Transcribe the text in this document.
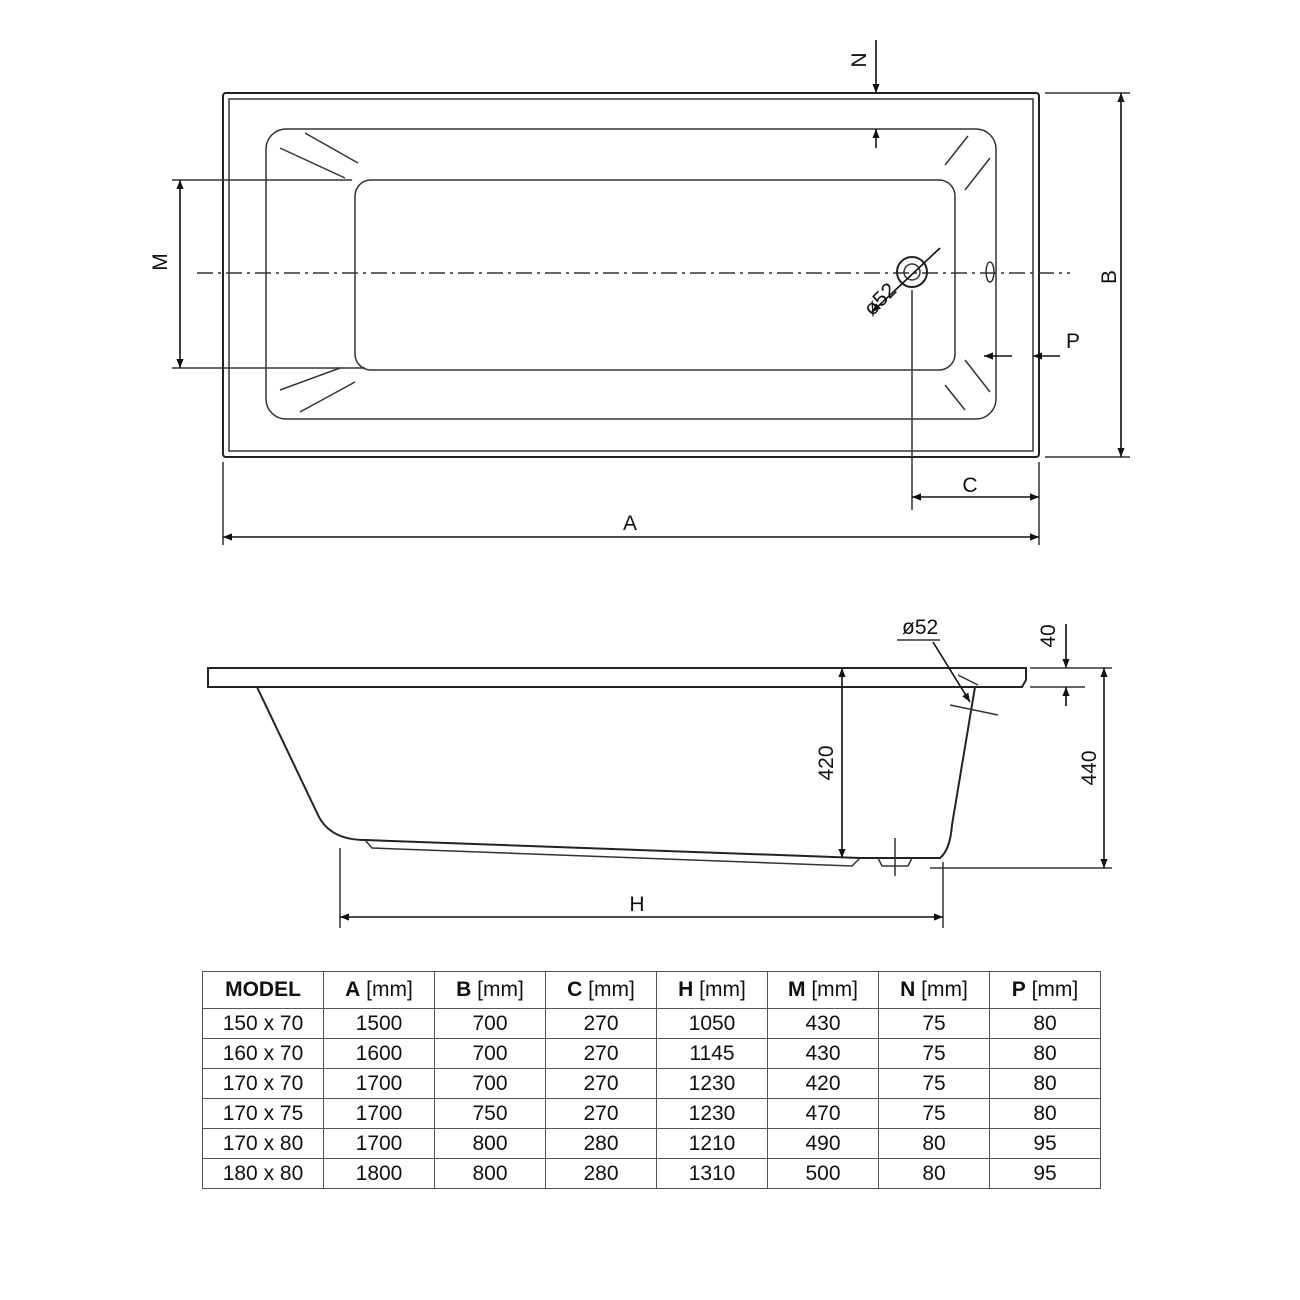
ø52
N
M
B
P
C
A
ø52
420
40
440
H
MODEL	A [mm]	B [mm]	C [mm]	H [mm]	M [mm]	N [mm]	P [mm]
150 x 70	1500	700	270	1050	430	75	80
160 x 70	1600	700	270	1145	430	75	80
170 x 70	1700	700	270	1230	420	75	80
170 x 75	1700	750	270	1230	470	75	80
170 x 80	1700	800	280	1210	490	80	95
180 x 80	1800	800	280	1310	500	80	95
